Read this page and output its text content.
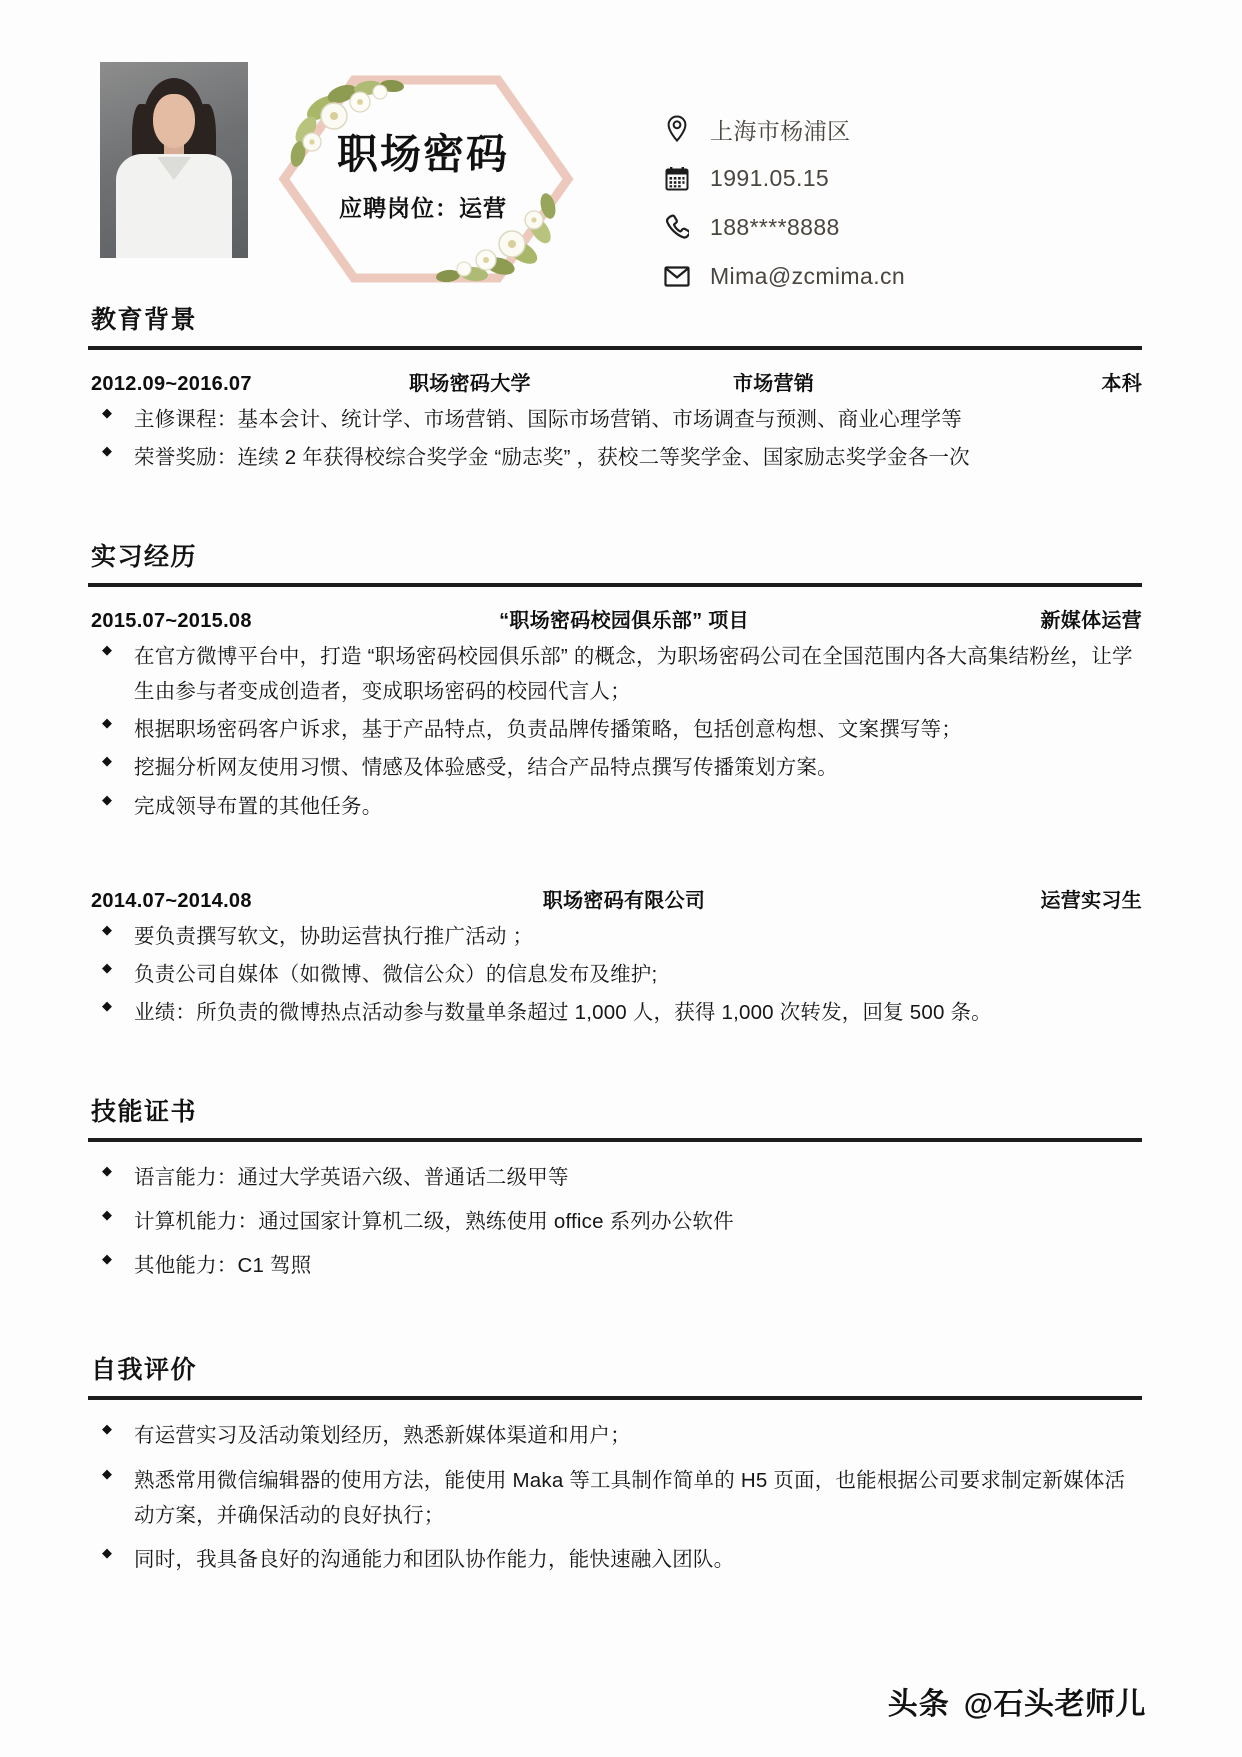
职场密码
应聘岗位：运营
上海市杨浦区
1991.05.15
188****8888
Mima@zcmima.cn
教育背景
2012.09~2016.07	职场密码大学	市场营销	本科
◆ 主修课程：基本会计、统计学、市场营销、国际市场营销、市场调查与预测、商业心理学等
◆ 荣誉奖励：连续 2 年获得校综合奖学金 “励志奖” ，获校二等奖学金、国家励志奖学金各一次
实习经历
2015.07~2015.08	“职场密码校园俱乐部” 项目	新媒体运营
◆ 在官方微博平台中，打造 “职场密码校园俱乐部” 的概念，为职场密码公司在全国范围内各大高集结粉丝，让学生由参与者变成创造者，变成职场密码的校园代言人；
◆ 根据职场密码客户诉求，基于产品特点，负责品牌传播策略，包括创意构想、文案撰写等；
◆ 挖掘分析网友使用习惯、情感及体验感受，结合产品特点撰写传播策划方案。
◆ 完成领导布置的其他任务。
2014.07~2014.08	职场密码有限公司	运营实习生
◆ 要负责撰写软文，协助运营执行推广活动 ；
◆ 负责公司自媒体（如微博、微信公众）的信息发布及维护;
◆ 业绩：所负责的微博热点活动参与数量单条超过 1,000 人，获得 1,000 次转发，回复 500 条。
技能证书
◆ 语言能力：通过大学英语六级、普通话二级甲等
◆ 计算机能力：通过国家计算机二级，熟练使用 office 系列办公软件
◆ 其他能力：C1 驾照
自我评价
◆ 有运营实习及活动策划经历，熟悉新媒体渠道和用户；
◆ 熟悉常用微信编辑器的使用方法，能使用 Maka 等工具制作简单的 H5 页面，也能根据公司要求制定新媒体活动方案，并确保活动的良好执行；
◆ 同时，我具备良好的沟通能力和团队协作能力，能快速融入团队。
头条 @石头老师儿
